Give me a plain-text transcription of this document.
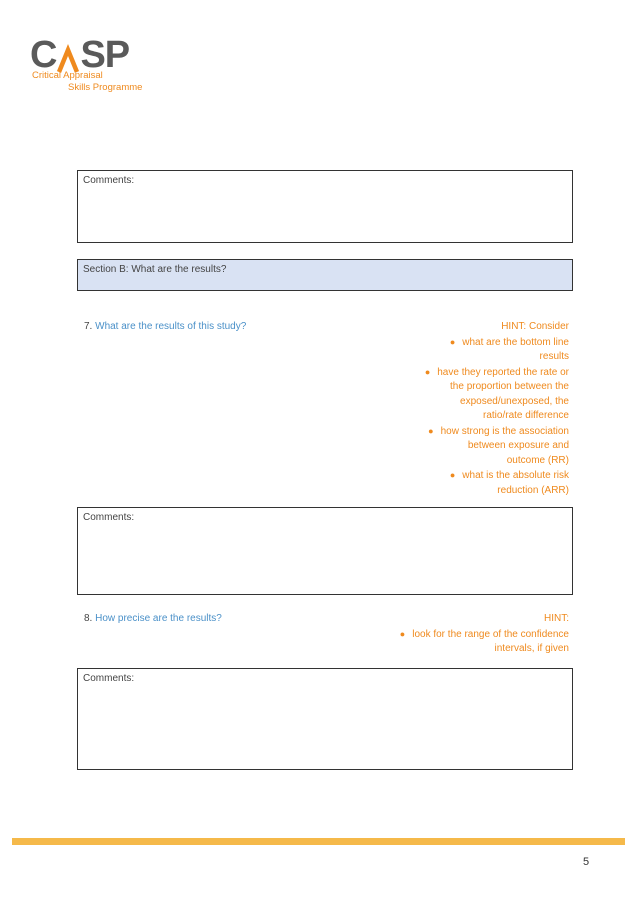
C SP
Critical Appraisal
Skills Programme
Comments:
Section B: What are the results?
7. What are the results of this study?	HINT: Consider
● what are the bottom line
results
● have they reported the rate or
the proportion between the
exposed/unexposed, the
ratio/rate difference
● how strong is the association
between exposure and
outcome (RR)
● what is the absolute risk
reduction (ARR)
Comments:
8. How precise are the results?	HINT:
● look for the range of the confidence
intervals, if given
Comments:
5
